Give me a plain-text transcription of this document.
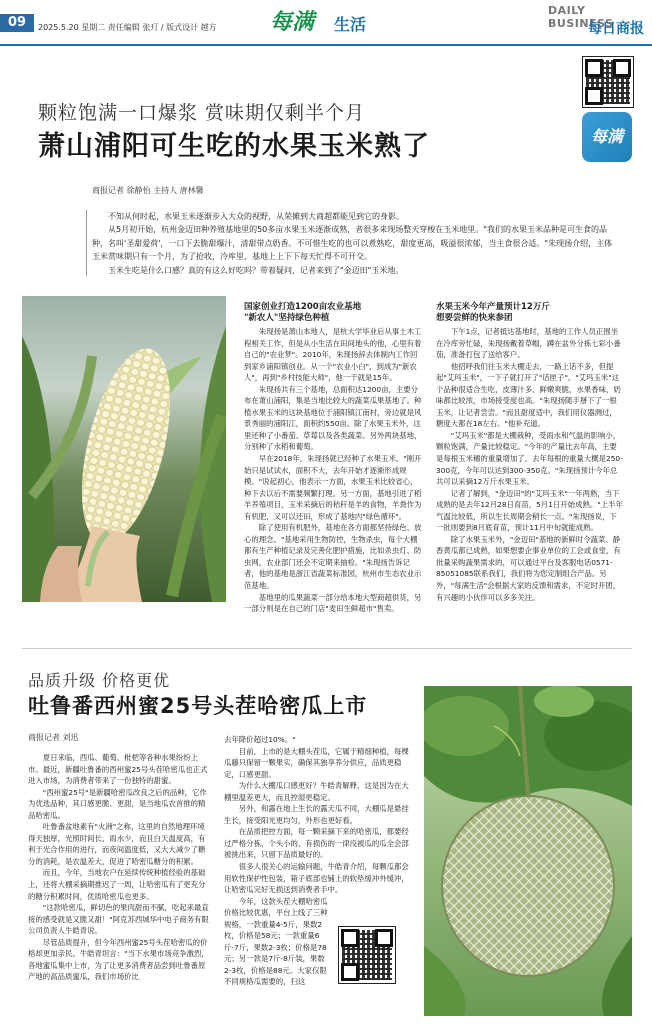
09	2025.5.20 星期二 责任编辑 张玎 / 版式设计 越方 每满	生活
DAILY BUSINESS
每日商报
每满
颗粒饱满一口爆浆 赏味期仅剩半个月
萧山浦阳可生吃的水果玉米熟了
商报记者 徐静怡 主持人 唐林馨

不知从何时起，水果玉米逐渐步入大众的视野，从荣摊到大商超都能见到它的身影。

从5月初开始，杭州金迈田种养殖基地里的50多亩水果玉米逐渐成熟，者很多来现场整天穿梭在玉米地里。"我们的水果玉米品种是可生食的品种，名叫'圣甜爱荷'，一口下去脆甜爆汁，清甜带点奶香。不可惜生吃的也可以煮熟吃，甜度更高，吸溢很浓郁，当主食很合适。"朱现扬介绍，主体玉米赏味期只有一个月，为了抢收，冷库里，基地上上下下每天忙得不可开交。

玉米生吃是什么口感？真的有这么好吃吗？带着疑问，记者来到了"金迈田"玉米地。

国家创业打造1200亩农业基地
"新农人"坚持绿色种植

朱现扬是萧山本地人，是杭大学毕业后从事土木工程相关工作，但是从小生活在田间地头的他，心里有着自己的"农业梦"。2010年，朱现扬辞去体制内工作回到家乡浦阳镇创业。从一个"农业小白"，到成为"新农人"，再到"乡村技能大师"，他一干就是15年。

朱现扬共有三个基地，总面积达1200亩，主要分布在萧山浦阳，集是当地比较大的蔬菜瓜果基地了。种植水果玉米的这块基地位于浦阳镇江南村，旁边就是风景秀丽的浦阳江，面积约550亩。除了水果玉米外，这里还种了小番茄、草莓以及各类蔬菜。另外两块基地，分别种了水稻和葡萄。

早在2018年，朱现扬就已经种了水果玉米。"刚开始只是试试水，面积不大，去年开始才逐渐形成规模。"说起初心，他表示一方面，水果玉米比较省心，种下去以后不需要频繁打理。另一方面，基地引进了稻羊养殖项目，玉米采摘后的秸秆是羊的食物，羊粪作为有机肥，又可以还田，形成了基地内"绿色循环"。

除了使用有机肥外，基地在各方面都坚持绿色、放心的理念。"基地采用生物防控，生物杀虫，每个大棚都有生产种植记录及完善化肥护措施，比如杀虫灯、防虫网，农业部门还会不定期来抽检。"朱现扬告诉记者，他的基地是浙江省蔬菜标准园，杭州市生态农业示范基地。

基地里的瓜果蔬菜一部分给本地大型商超供货，另一部分则是在自己的门店"麦田生鲜超市"售卖。

水果玉米今年产量预计12万斤
想要尝鲜的快来参团

下午1点，记者抵达基地时，基地的工作人员正围坐在冷库旁忙碌，朱现扬戴着草帽，蹲在盆外分拣七彩小番茄，准备打包了送给客户。

他招呼我们往玉米大棚走去，一路上话不多，但提起"艾玛玉米"，一下子就打开了"话匣子"。"艾玛玉米"这个品种很适合生吃，皮薄汁多、鲜嫩爽脆，水果香味，奶味都比较浓，市场接受度也高。"朱现扬随手掰下了一根玉米，让记者尝尝。"而且甜度适中，我们用仪器测过，糖度大都在18左右。"他补充道。

"艾玛玉米"都是大棚栽种，受雨水和气温的影响小，颗粒饱满，产量比较稳定。"今年的产量比去年高，主要是每根玉米穗的重量增加了。去年每根的重量大概是250-300克，今年可以达到300-350克。"朱现扬预计今年总共可以采摘12万斤水果玉米。

记者了解到，"金迈田"的"艾玛玉米"一年两熟，当下成熟的是去年12月28日育苗，5月1日开始成熟。"上半年气温比较低，所以生长周期会稍长一点。"朱现扬说，下一批则要到8月底育苗，预计11月中旬就能成熟。

除了水果玉米外，"金迈田"基地的新鲜时令蔬菜、静香黄瓜都已成熟，如果想要企事业单位的工会或食堂，有批量采购蔬果需求的，可以通过平台及客服电话0571-85051085联系我们，我们将为您定制组合产品。另外，"每满生活"会根据大家的反馈和需求，不定时开团，有兴趣的小伙伴可以多多关注。

品质升级 价格更优
吐鲁番西州蜜25号头茬哈密瓜上市
商报记者 刘迅

夏日来临，西瓜、葡萄、枇杷等各种水果纷纷上市。最近，新疆吐鲁番的西州蜜25号头茬哈密瓜也正式进入市场，为消费者带来了一份独特的甜蜜。

"西州蜜25号"是新疆哈密瓜改良之后的品种，它作为优选品种，其口感更脆、更甜，是当地瓜农首推的精品哈密瓜。

吐鲁番盆地素有"火洲"之称，这里的自然地理环境得天独厚，光照时间长、雨水少，而且白天温度高，有利于光合作用的进行，而夜间温度低，又大大减少了糖分的消耗，是农温差大，促进了哈密瓜糖分的积累。

而且，今年，当地农户在延续传统种植经验的基础上，还将大棚采摘期推迟了一周，让哈密瓜有了更充分的糖分积累时间，优质哈密瓜也更多。

"这款哈密瓜，鲜切色的果肉甜而不腻，吃起来最直接的感受就是又脆又甜！"阿克苏西城华中电子商务有限公司负责人牛皓青说。

尽管品质提升，但今年西州蜜25号头茬哈密瓜的价格却更加亲民。牛皓青坦言："当下水果市场竞争激烈，各地蜜瓜集中上市，为了让更多消费者品尝到吐鲁番原产地的高品质蜜瓜，我们市场价比

去年降价超过10%。"

目前，上市的是大棚头茬瓜，它属于精细种植，每棵瓜藤只保留一颗果实，确保其独享养分供应，品质更稳定，口感更甜。

为什么大棚瓜口感更好？牛皓青解释，这是因为在大棚里温差更大，而且控湿更稳定。

另外，和露在地上生长的露天瓜不同，大棚瓜是悬挂生长，接受阳光更均匀，外形也更好看。

在品质把控方面，每一颗采摘下来的哈密瓜，都要经过严格分拣，个头小的、有损伤的一律没被瓜的瓜全会部被挑出来，只留下品质最好的。

很多人很关心的运输问题，牛皓青介绍，每颗瓜都会用软性保护性包装，箱子底部也铺上的软垫缓冲外缓冲，让哈密瓜完好无损送到消费者手中。

今年，这款头茬大棚哈密瓜价格比较优惠，平台上线了三种规格，一款重量4-5斤，果数2枚，价格是58元；一款重量6斤-7斤，果数2-3枚；价格是78元；另一款是7斤-8斤装，果数2-3枚，价格是88元。大家仅限不同规格瓜需要的，扫这
